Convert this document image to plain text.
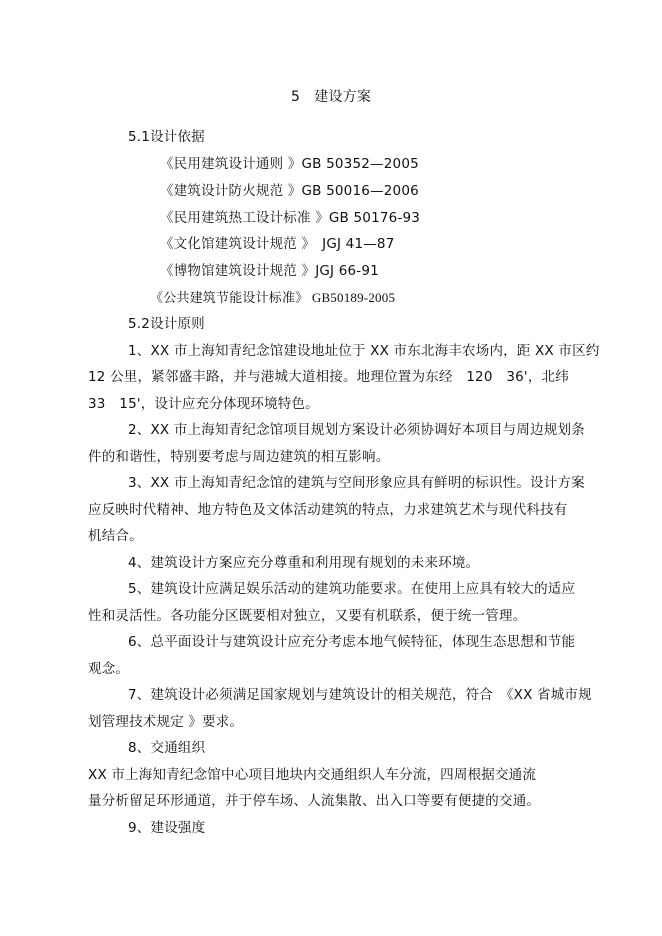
5　建设方案
5.1设计依据
《民用建筑设计通则 》GB 50352—2005
《建筑设计防火规范 》GB 50016—2006
《民用建筑热工设计标准 》GB 50176-93
《文化馆建筑设计规范 》　JGJ 41—87
《博物馆建筑设计规范 》JGJ 66-91
《公共建筑节能设计标准》 GB50189-2005
5.2设计原则
1、XX 市上海知青纪念馆建设地址位于 XX 市东北海丰农场内，距 XX 市区约
12 公里，紧邻盛丰路，并与港城大道相接。地理位置为东经　120　36'，北纬
33　15'，设计应充分体现环境特色。
2、XX 市上海知青纪念馆项目规划方案设计必须协调好本项目与周边规划条
件的和谐性，特别要考虑与周边建筑的相互影响。
3、XX 市上海知青纪念馆的建筑与空间形象应具有鲜明的标识性。设计方案
应反映时代精神、地方特色及文体活动建筑的特点，力求建筑艺术与现代科技有
机结合。
4、建筑设计方案应充分尊重和利用现有规划的未来环境。
5、建筑设计应满足娱乐活动的建筑功能要求。在使用上应具有较大的适应
性和灵活性。各功能分区既要相对独立，又要有机联系，便于统一管理。
6、总平面设计与建筑设计应充分考虑本地气候特征，体现生态思想和节能
观念。
7、建筑设计必须满足国家规划与建筑设计的相关规范，符合　《XX 省城市规
划管理技术规定 》要求。
8、交通组织
XX 市上海知青纪念馆中心项目地块内交通组织人车分流，四周根据交通流
量分析留足环形通道，并于停车场、人流集散、出入口等要有便捷的交通。
9、建设强度
